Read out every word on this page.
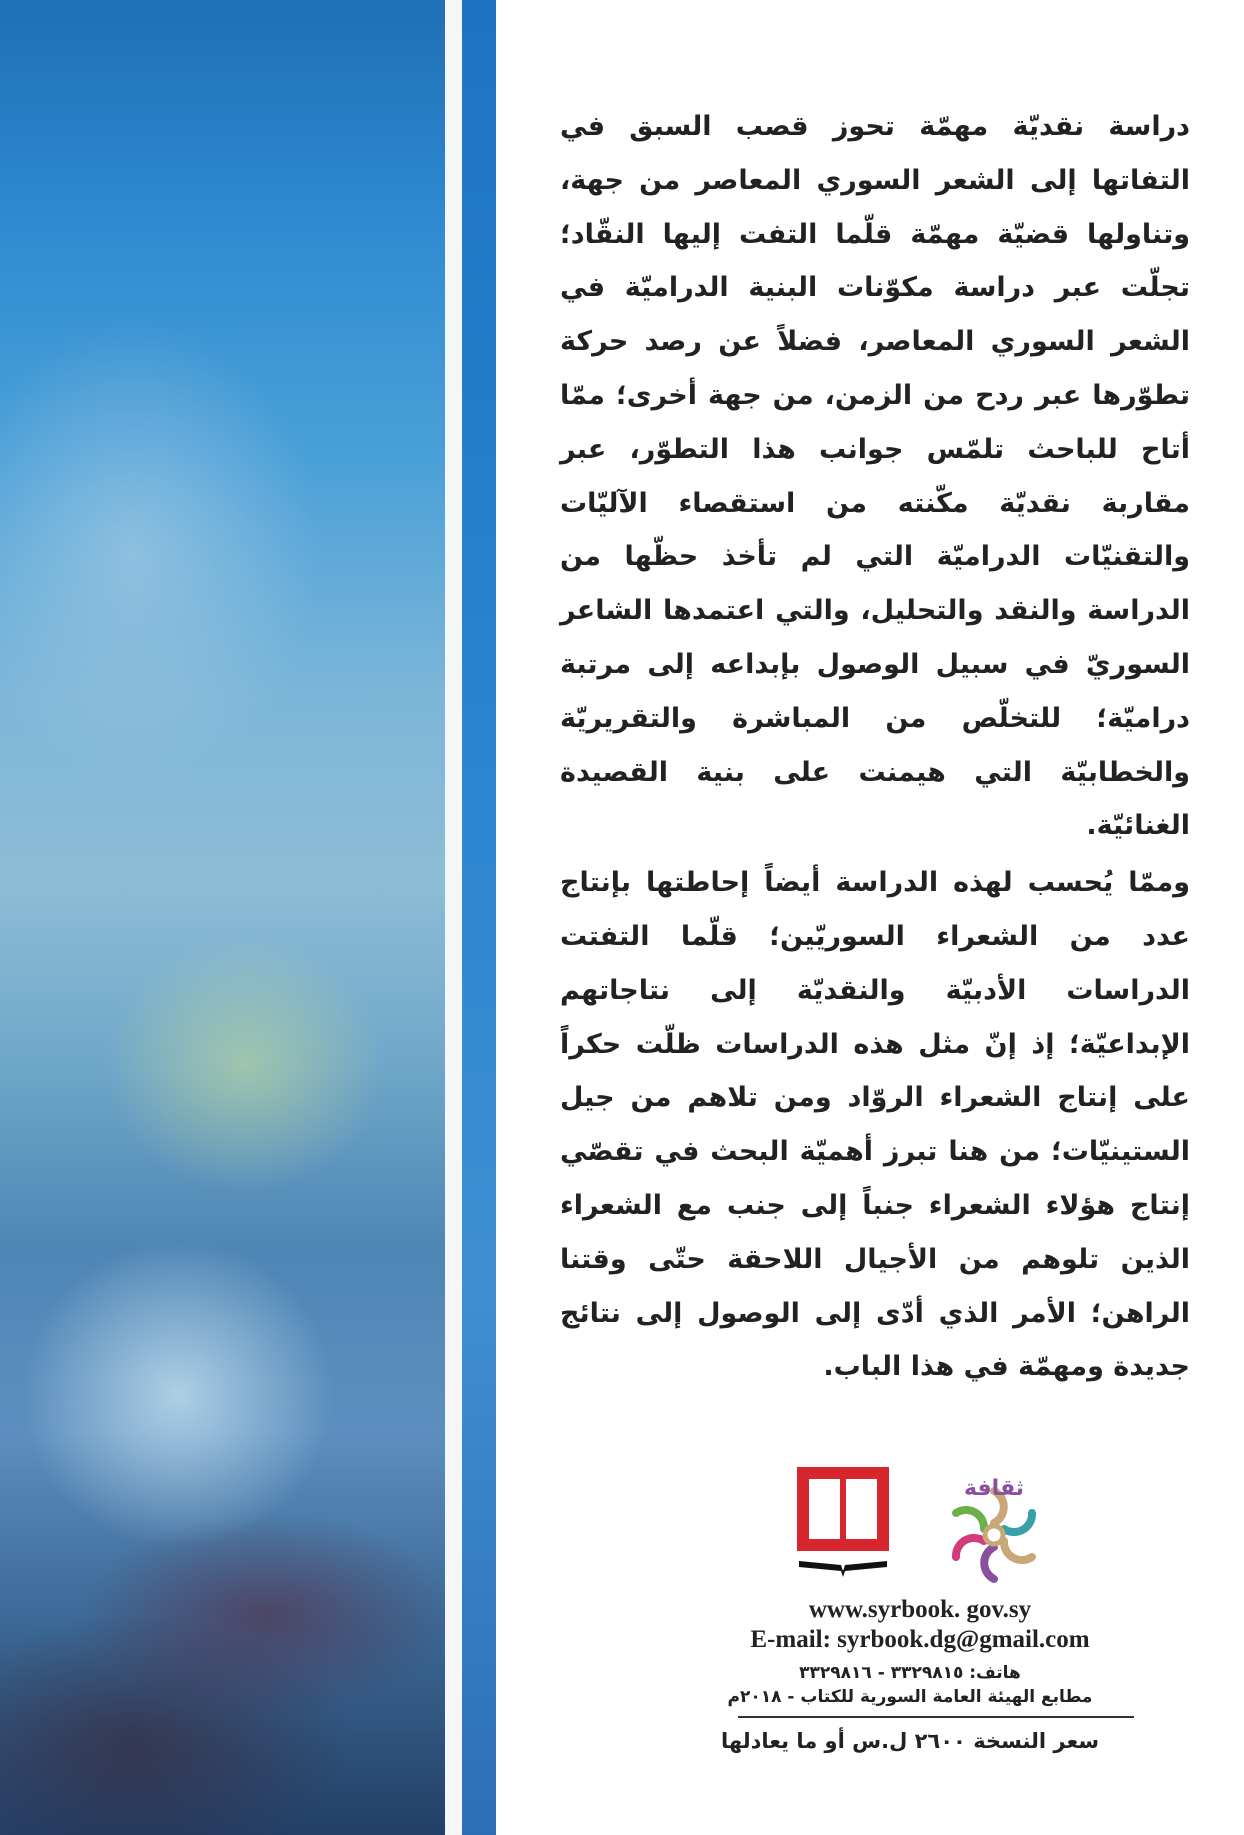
دراسة نقديّة مهمّة تحوز قصب السبق في التفاتها إلى الشعر السوري المعاصر من جهة، وتناولها قضيّة مهمّة قلّما التفت إليها النقّاد؛ تجلّت عبر دراسة مكوّنات البنية الدراميّة في الشعر السوري المعاصر، فضلاً عن رصد حركة تطوّرها عبر ردح من الزمن، من جهة أخرى؛ ممّا أتاح للباحث تلمّس جوانب هذا التطوّر، عبر مقاربة نقديّة مكّنته من استقصاء الآليّات والتقنيّات الدراميّة التي لم تأخذ حظّها من الدراسة والنقد والتحليل، والتي اعتمدها الشاعر السوريّ في سبيل الوصول بإبداعه إلى مرتبة دراميّة؛ للتخلّص من المباشرة والتقريريّة والخطابيّة التي هيمنت على بنية القصيدة الغنائيّة.

وممّا يُحسب لهذه الدراسة أيضاً إحاطتها بإنتاج عدد من الشعراء السوريّين؛ قلّما التفتت الدراسات الأدبيّة والنقديّة إلى نتاجاتهم الإبداعيّة؛ إذ إنّ مثل هذه الدراسات ظلّت حكراً على إنتاج الشعراء الروّاد ومن تلاهم من جيل الستينيّات؛ من هنا تبرز أهميّة البحث في تقصّي إنتاج هؤلاء الشعراء جنباً إلى جنب مع الشعراء الذين تلوهم من الأجيال اللاحقة حتّى وقتنا الراهن؛ الأمر الذي أدّى إلى الوصول إلى نتائج جديدة ومهمّة في هذا الباب.

ثقافة
www.syrbook. gov.sy
E-mail: syrbook.dg@gmail.com
هاتف: ٣٣٢٩٨١٥ - ٣٣٢٩٨١٦
مطابع الهيئة العامة السورية للكتاب - ٢٠١٨م
سعر النسخة ٢٦٠٠ ل.س أو ما يعادلها
